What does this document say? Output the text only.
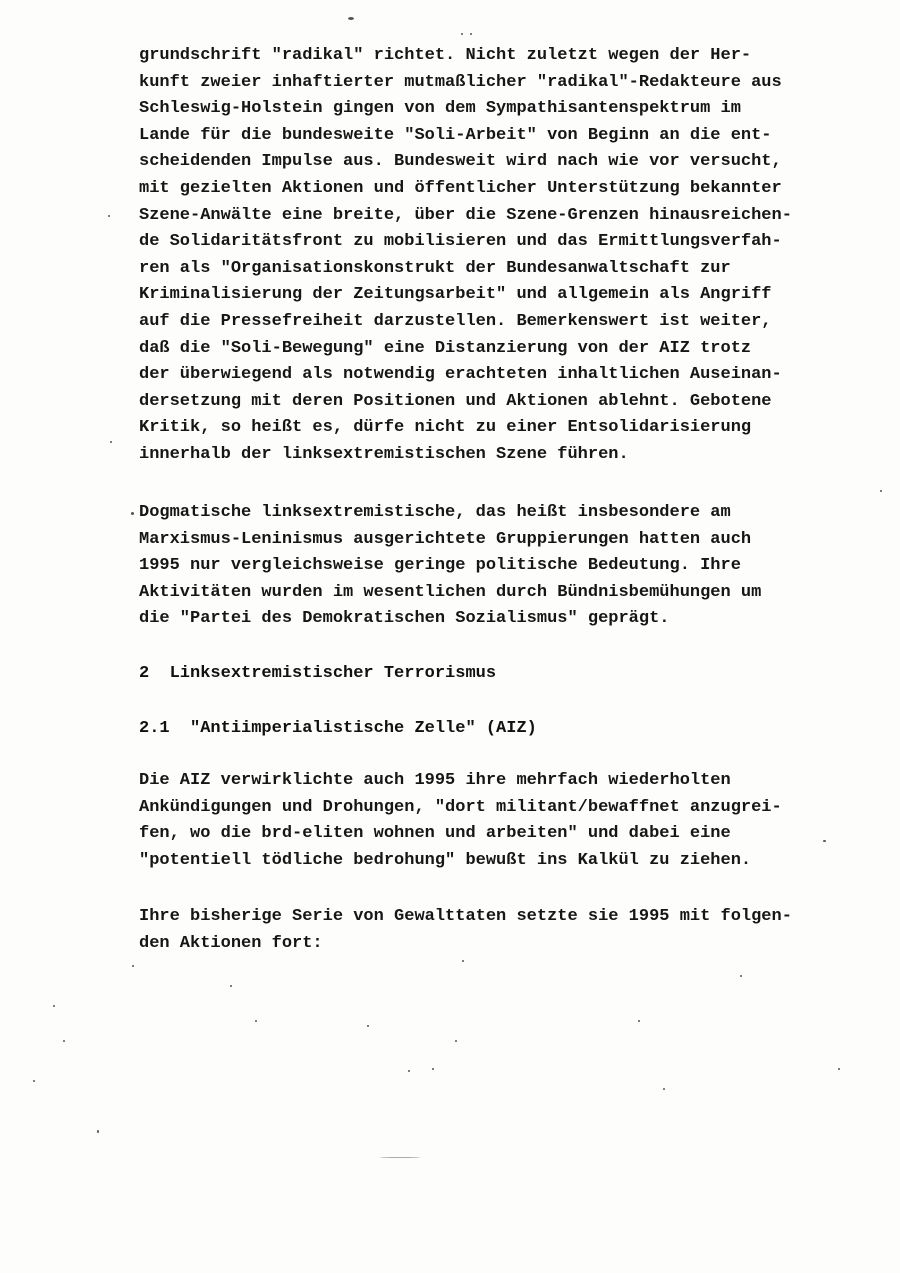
grundschrift "radikal" richtet. Nicht zuletzt wegen der Her-
kunft zweier inhaftierter mutmaßlicher "radikal"-Redakteure aus
Schleswig-Holstein gingen von dem Sympathisantenspektrum im
Lande für die bundesweite "Soli-Arbeit" von Beginn an die ent-
scheidenden Impulse aus. Bundesweit wird nach wie vor versucht,
mit gezielten Aktionen und öffentlicher Unterstützung bekannter
Szene-Anwälte eine breite, über die Szene-Grenzen hinausreichen-
de Solidaritätsfront zu mobilisieren und das Ermittlungsverfah-
ren als "Organisationskonstrukt der Bundesanwaltschaft zur
Kriminalisierung der Zeitungsarbeit" und allgemein als Angriff
auf die Pressefreiheit darzustellen. Bemerkenswert ist weiter,
daß die "Soli-Bewegung" eine Distanzierung von der AIZ trotz
der überwiegend als notwendig erachteten inhaltlichen Auseinan-
dersetzung mit deren Positionen und Aktionen ablehnt. Gebotene
Kritik, so heißt es, dürfe nicht zu einer Entsolidarisierung
innerhalb der linksextremistischen Szene führen.
Dogmatische linksextremistische, das heißt insbesondere am
Marxismus-Leninismus ausgerichtete Gruppierungen hatten auch
1995 nur vergleichsweise geringe politische Bedeutung. Ihre
Aktivitäten wurden im wesentlichen durch Bündnisbemühungen um
die "Partei des Demokratischen Sozialismus" geprägt.
2  Linksextremistischer Terrorismus
2.1  "Antiimperialistische Zelle" (AIZ)
Die AIZ verwirklichte auch 1995 ihre mehrfach wiederholten
Ankündigungen und Drohungen, "dort militant/bewaffnet anzugrei-
fen, wo die brd-eliten wohnen und arbeiten" und dabei eine
"potentiell tödliche bedrohung" bewußt ins Kalkül zu ziehen.
Ihre bisherige Serie von Gewalttaten setzte sie 1995 mit folgen-
den Aktionen fort:
